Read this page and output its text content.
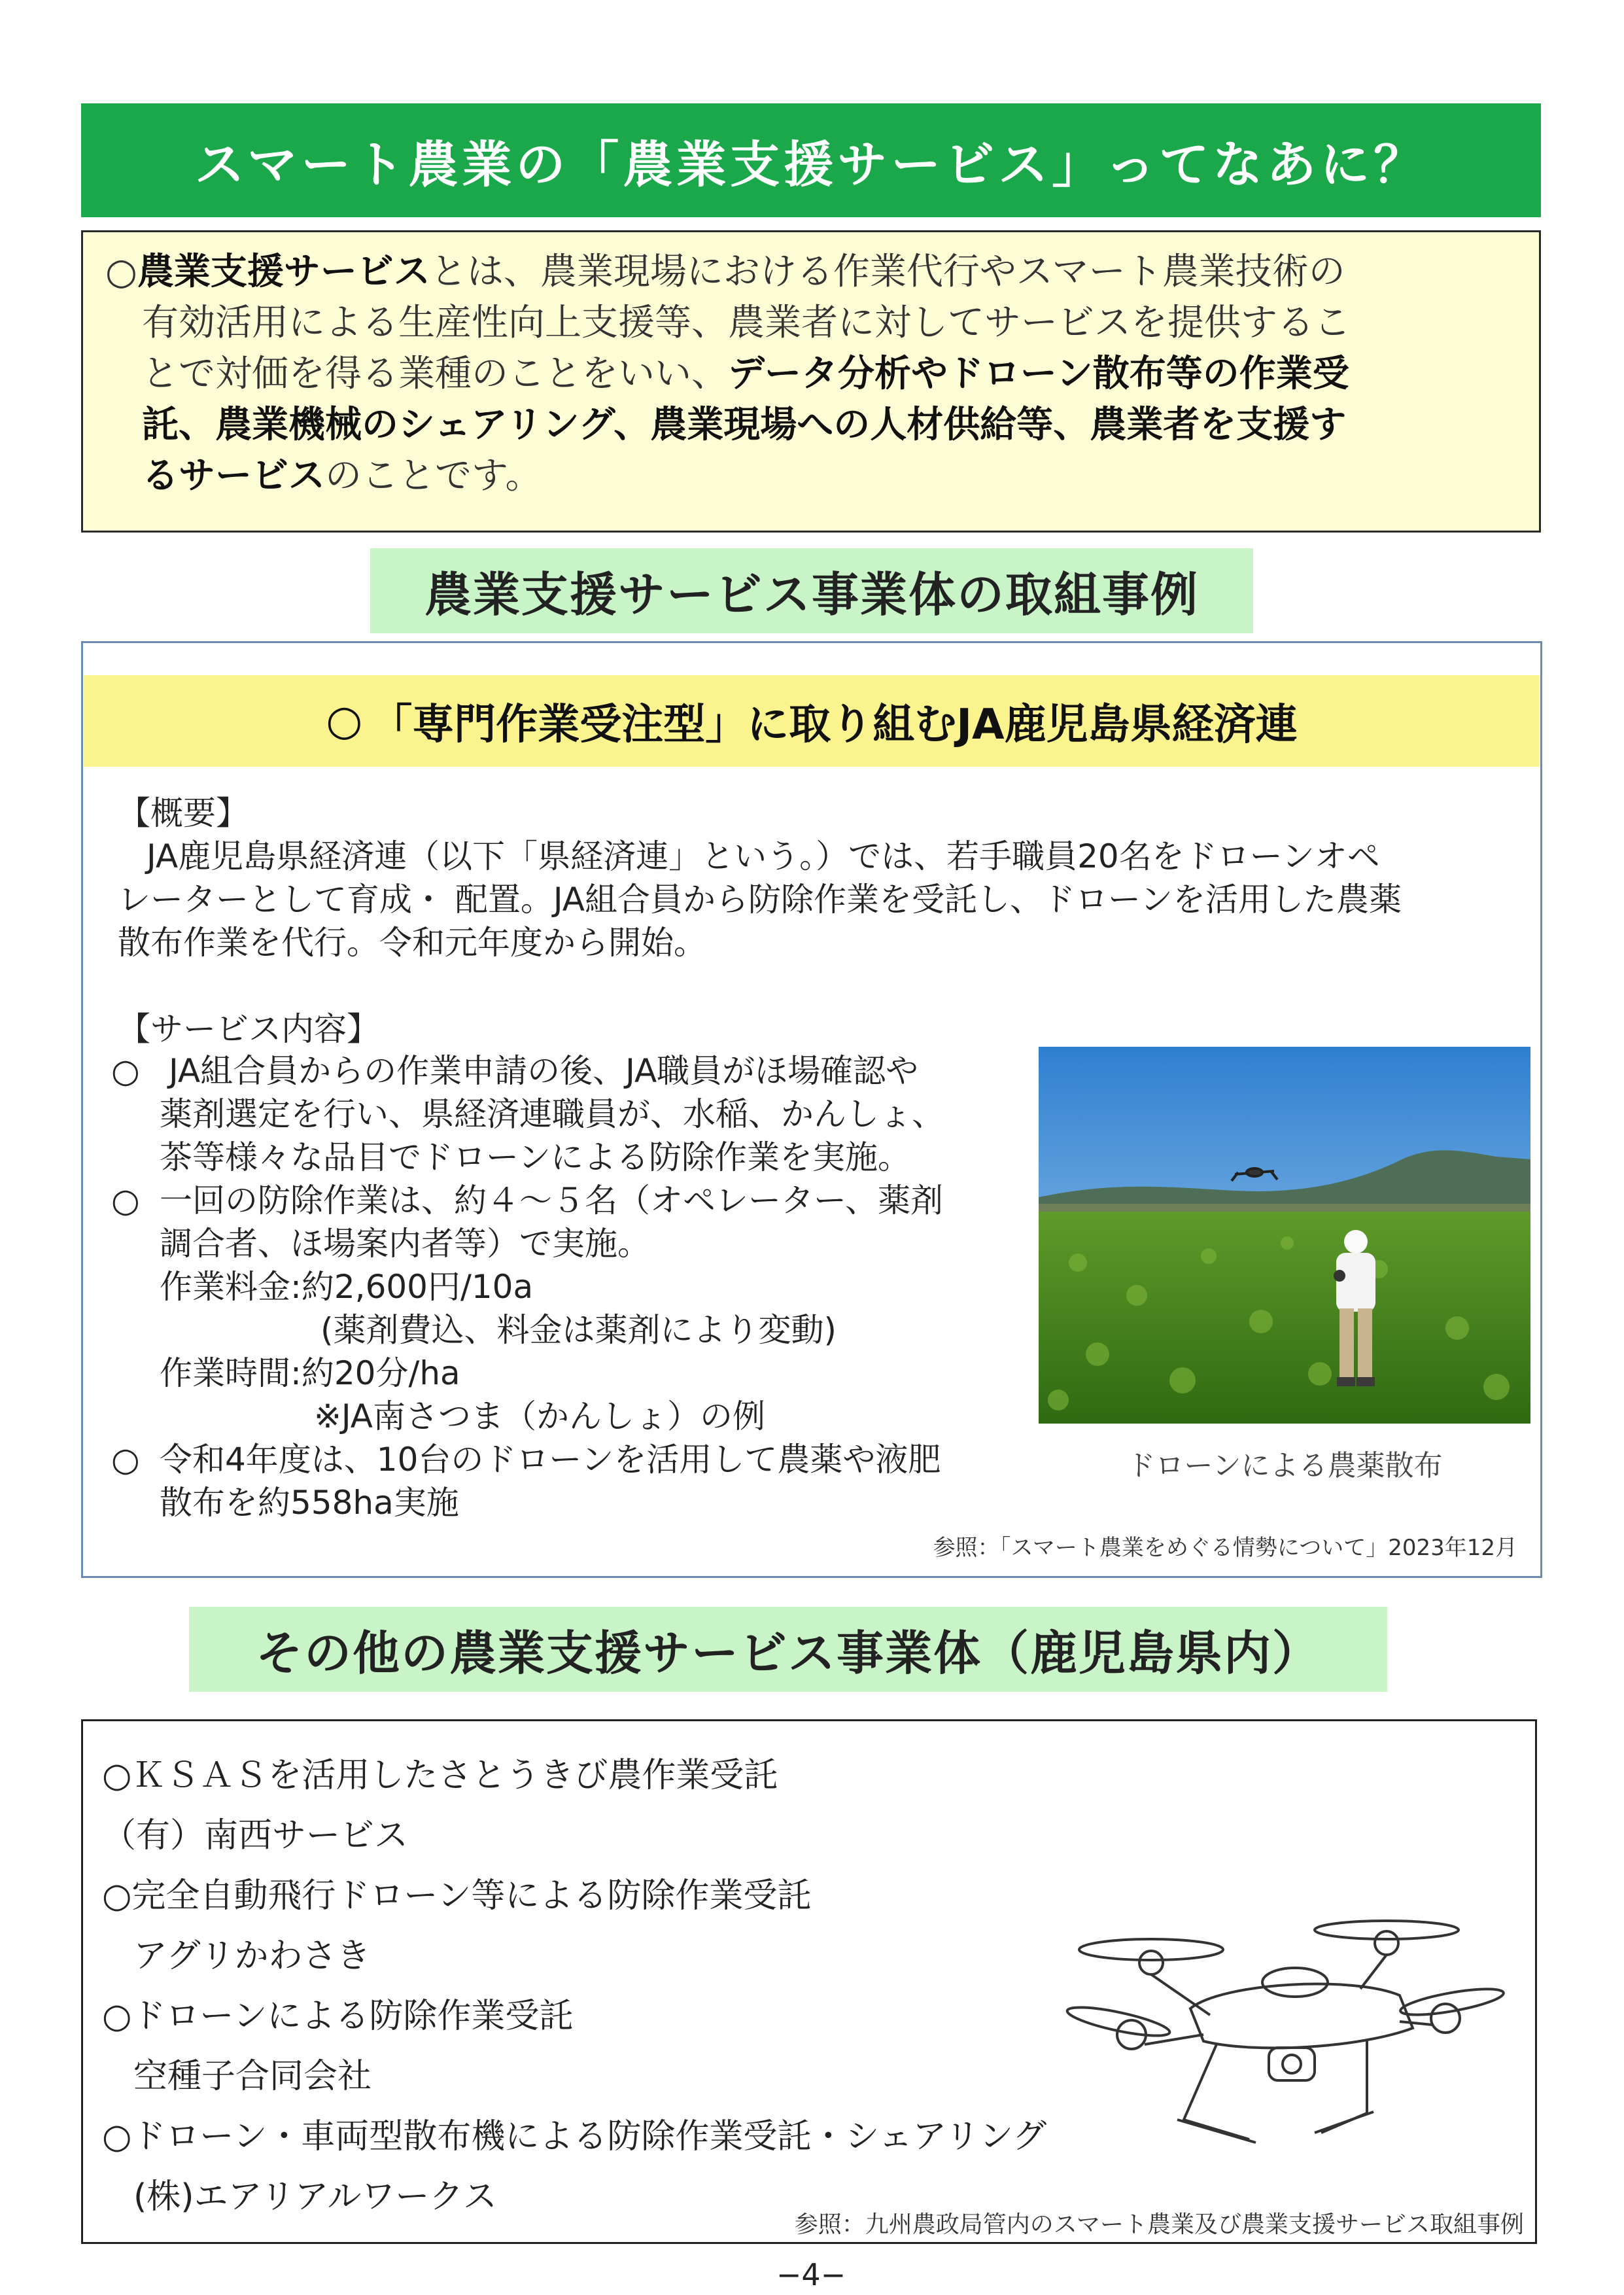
スマート農業の「農業支援サービス」ってなあに？
○農業支援サービスとは、農業現場における作業代行やスマート農業技術の
有効活用による生産性向上支援等、農業者に対してサービスを提供するこ
とで対価を得る業種のことをいい、データ分析やドローン散布等の作業受
託、農業機械のシェアリング、農業現場への人材供給等、農業者を支援す
るサービスのことです。
農業支援サービス事業体の取組事例
○ 「専門作業受注型」に取り組むJA鹿児島県経済連
【概要】
JA鹿児島県経済連（以下「県経済連」という。）では、若手職員20名をドローンオペ
レーターとして育成・ 配置。JA組合員から防除作業を受託し、ドローンを活用した農薬
散布作業を代行。令和元年度から開始。
【サービス内容】
○ JA組合員からの作業申請の後、JA職員がほ場確認や
薬剤選定を行い、県経済連職員が、水稲、かんしょ、
茶等様々な品目でドローンによる防除作業を実施。
○ 一回の防除作業は、約４～５名（オペレーター、薬剤
調合者、ほ場案内者等）で実施。
作業料金: 約2,600円/10a
(薬剤費込、料金は薬剤により変動)
作業時間: 約20分/ha
※JA南さつま（かんしょ）の例
○ 令和4年度は、10台のドローンを活用して農薬や液肥
散布を約558ha実施
ドローンによる農薬散布
参照：「スマート農業をめぐる情勢について」2023年12月
その他の農業支援サービス事業体（鹿児島県内）
○ＫＳＡＳを活用したさとうきび農作業受託
（有）南西サービス
○完全自動飛行ドローン等による防除作業受託
アグリかわさき
○ドローンによる防除作業受託
空種子合同会社
○ドローン・車両型散布機による防除作業受託・シェアリング
(株)エアリアルワークス
参照：九州農政局管内のスマート農業及び農業支援サービス取組事例
−4−
